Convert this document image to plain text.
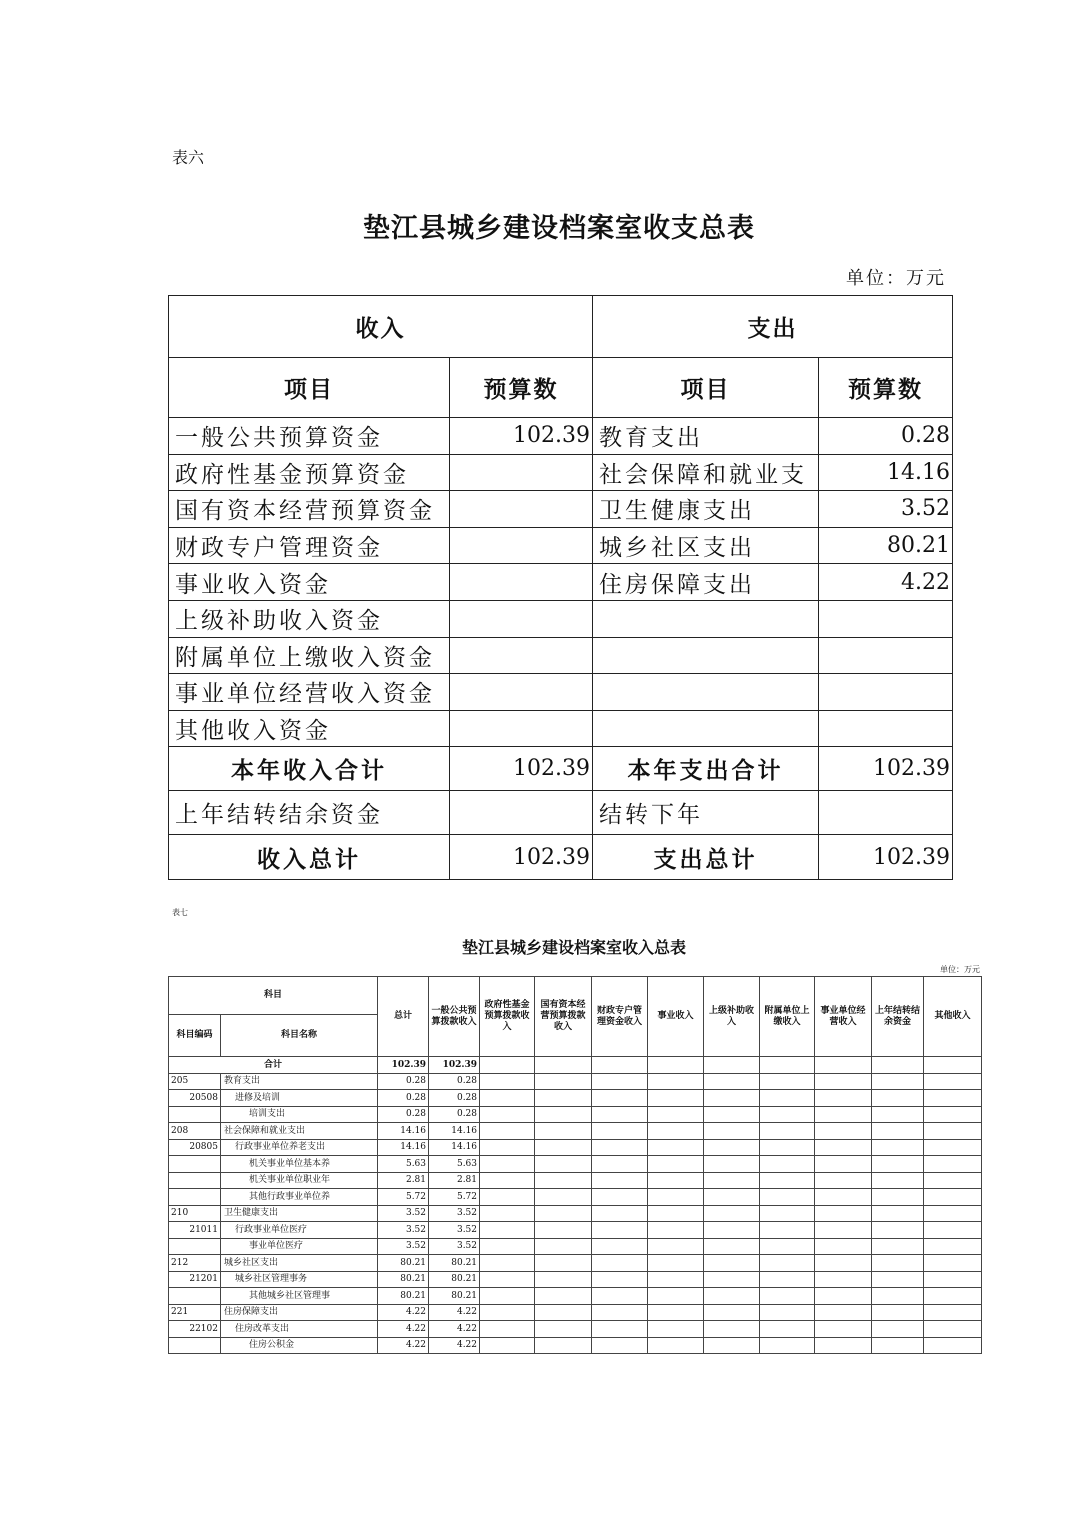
表六
垫江县城乡建设档案室收支总表
单位：万元
收入		支出	
项目	预算数	项目	预算数
一般公共预算资金	102.39	教育支出	0.28
政府性基金预算资金		社会保障和就业支	14.16
国有资本经营预算资金		卫生健康支出	3.52
财政专户管理资金		城乡社区支出	80.21
事业收入资金		住房保障支出	4.22
上级补助收入资金			
附属单位上缴收入资金			
事业单位经营收入资金			
其他收入资金			
本年收入合计	102.39	本年支出合计	102.39
上年结转结余资金		结转下年	
收入总计	102.39	支出总计	102.39
表七
垫江县城乡建设档案室收入总表
单位：万元
科目		总计	一般公共预算拨款收入	政府性基金预算拨款收入	国有资本经营预算拨款收入	财政专户管理资金收入	事业收入	上级补助收入	附属单位上缴收入	事业单位经营收入	上年结转结余资金	其他收入
科目编码	科目名称											
合计		102.39	102.39									
205	教育支出	0.28	0.28									
20508	进修及培训	0.28	0.28									
	培训支出	0.28	0.28									
208	社会保障和就业支出	14.16	14.16									
20805	行政事业单位养老支出	14.16	14.16									
	机关事业单位基本养	5.63	5.63									
	机关事业单位职业年	2.81	2.81									
	其他行政事业单位养	5.72	5.72									
210	卫生健康支出	3.52	3.52									
21011	行政事业单位医疗	3.52	3.52									
	事业单位医疗	3.52	3.52									
212	城乡社区支出	80.21	80.21									
21201	城乡社区管理事务	80.21	80.21									
	其他城乡社区管理事	80.21	80.21									
221	住房保障支出	4.22	4.22									
22102	住房改革支出	4.22	4.22									
	住房公积金	4.22	4.22									
